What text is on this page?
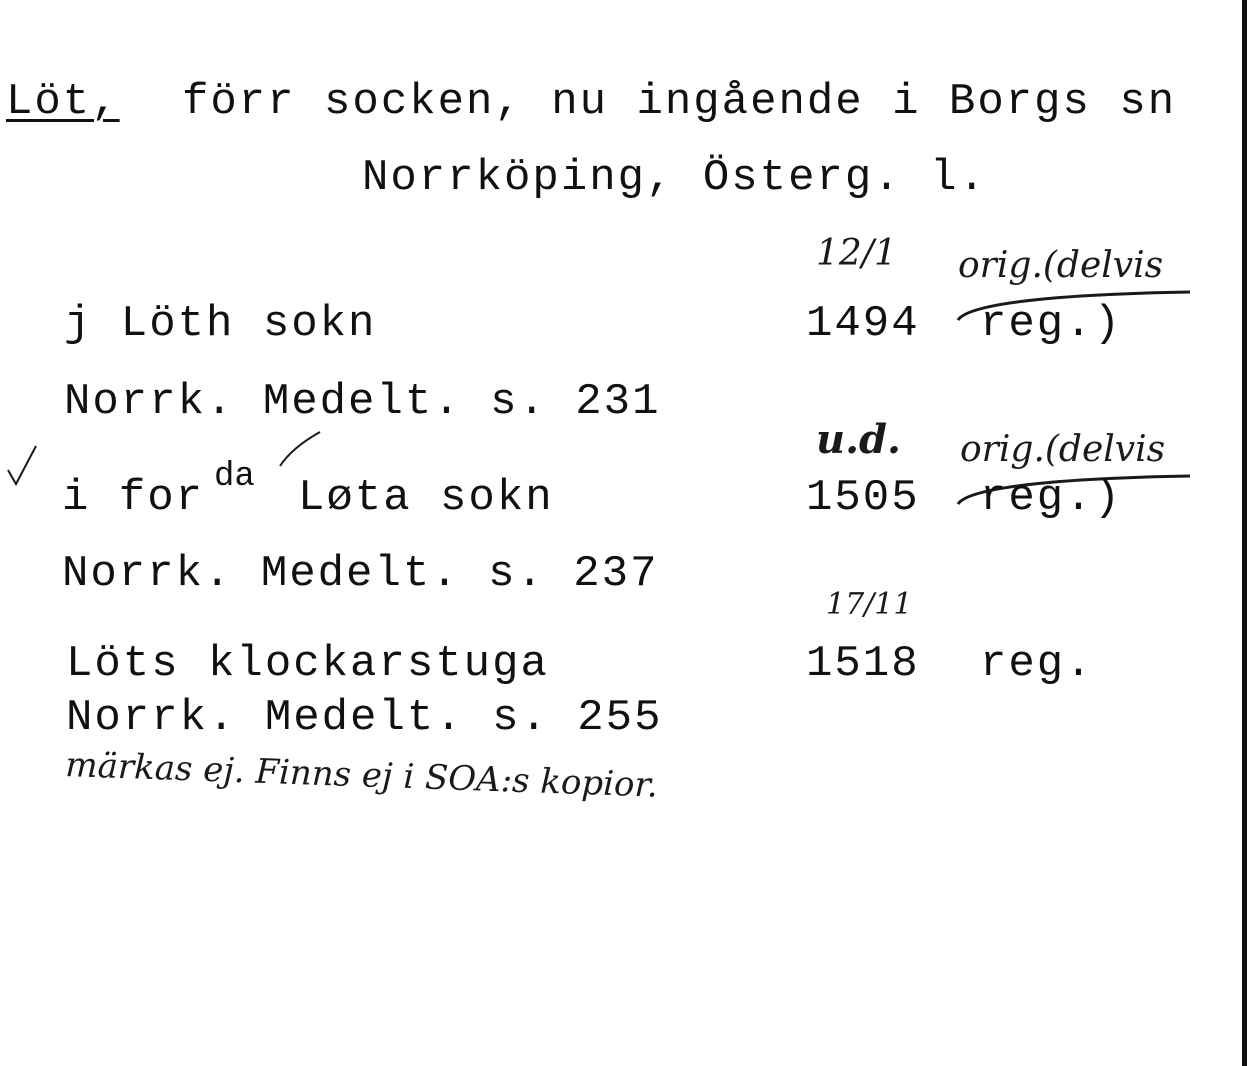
Löt, förr socken, nu ingående i Borgs sn
Norrköping, Österg. l.
12/1 orig.(delvis
j Löth sokn	1494 reg.)
Norrk. Medelt. s. 231
u.d. orig.(delvis
i for da Løta sokn	1505 reg.)
Norrk. Medelt. s. 237
17/11
Löts klockarstuga	1518 reg.
Norrk. Medelt. s. 255
märkas ej. Finns ej i SOA:s kopior.
